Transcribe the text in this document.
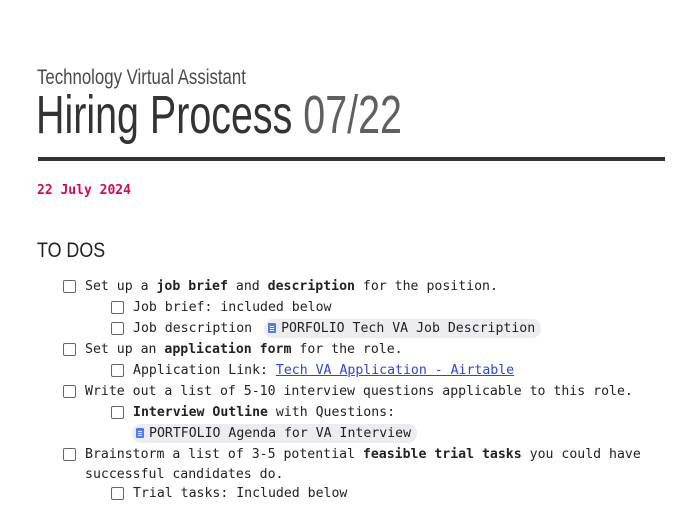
Technology Virtual Assistant
Hiring Process 07/22
22 July 2024
TO DOS
Set up a job brief and description for the position.
Job brief: included below
Job description PORFOLIO Tech VA Job Description
Set up an application form for the role.
Application Link: Tech VA Application - Airtable
Write out a list of 5-10 interview questions applicable to this role.
Interview Outline with Questions:
PORTFOLIO Agenda for VA Interview
Brainstorm a list of 3-5 potential feasible trial tasks you could have
successful candidates do.
Trial tasks: Included below
